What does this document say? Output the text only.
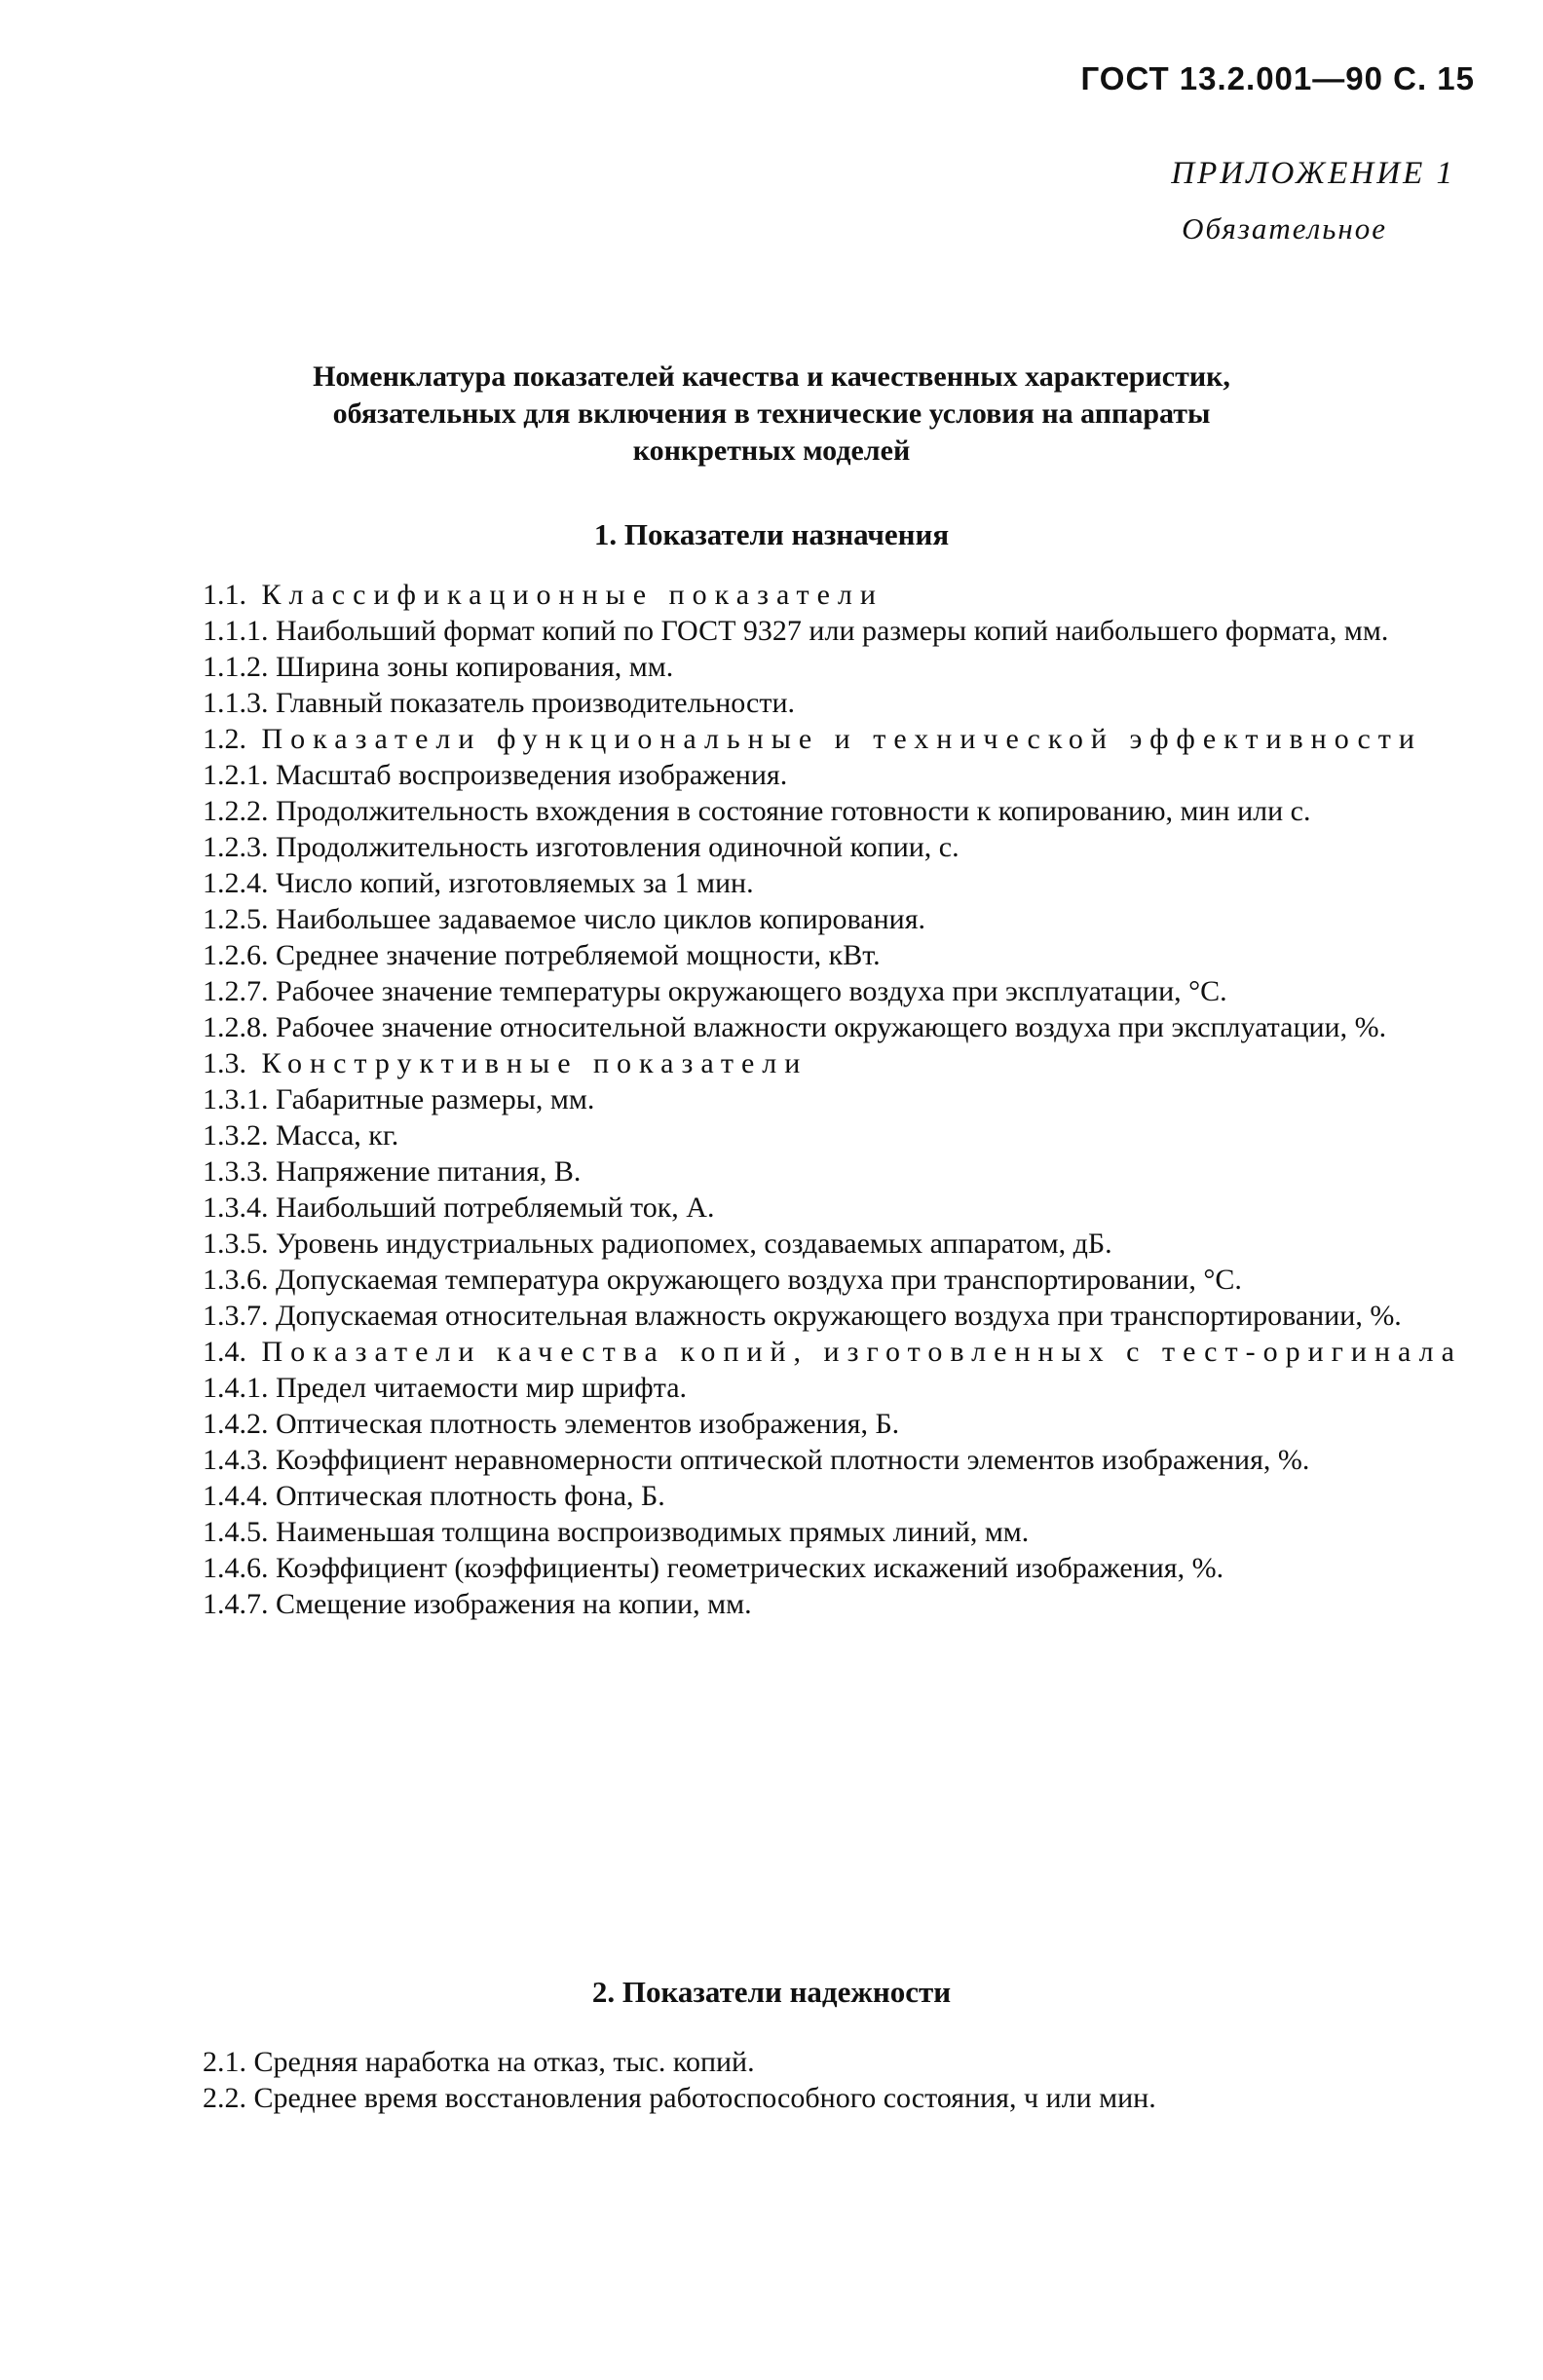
ГОСТ 13.2.001—90 С. 15
ПРИЛОЖЕНИЕ 1
Обязательное
Номенклатура показателей качества и качественных характеристик,
обязательных для включения в технические условия на аппараты
конкретных моделей
1. Показатели назначения

1.1. Классификационные показатели

1.1.1. Наибольший формат копий по ГОСТ 9327 или размеры копий наибольшего формата, мм.

1.1.2. Ширина зоны копирования, мм.

1.1.3. Главный показатель производительности.

1.2. Показатели функциональные и технической эффективности

1.2.1. Масштаб воспроизведения изображения.

1.2.2. Продолжительность вхождения в состояние готовности к копированию, мин или с.

1.2.3. Продолжительность изготовления одиночной копии, с.

1.2.4. Число копий, изготовляемых за 1 мин.

1.2.5. Наибольшее задаваемое число циклов копирования.

1.2.6. Среднее значение потребляемой мощности, кВт.

1.2.7. Рабочее значение температуры окружающего воздуха при эксплуатации, °С.

1.2.8. Рабочее значение относительной влажности окружающего воздуха при эксплуатации, %.

1.3. Конструктивные показатели

1.3.1. Габаритные размеры, мм.

1.3.2. Масса, кг.

1.3.3. Напряжение питания, В.

1.3.4. Наибольший потребляемый ток, А.

1.3.5. Уровень индустриальных радиопомех, создаваемых аппаратом, дБ.

1.3.6. Допускаемая температура окружающего воздуха при транспортировании, °С.

1.3.7. Допускаемая относительная влажность окружающего воздуха при транспортировании, %.

1.4. Показатели качества копий, изготовленных с тест-оригинала

1.4.1. Предел читаемости мир шрифта.

1.4.2. Оптическая плотность элементов изображения, Б.

1.4.3. Коэффициент неравномерности оптической плотности элементов изображения, %.

1.4.4. Оптическая плотность фона, Б.

1.4.5. Наименьшая толщина воспроизводимых прямых линий, мм.

1.4.6. Коэффициент (коэффициенты) геометрических искажений изображения, %.

1.4.7. Смещение изображения на копии, мм.

2. Показатели надежности

2.1. Средняя наработка на отказ, тыс. копий.

2.2. Среднее время восстановления работоспособного состояния, ч или мин.
